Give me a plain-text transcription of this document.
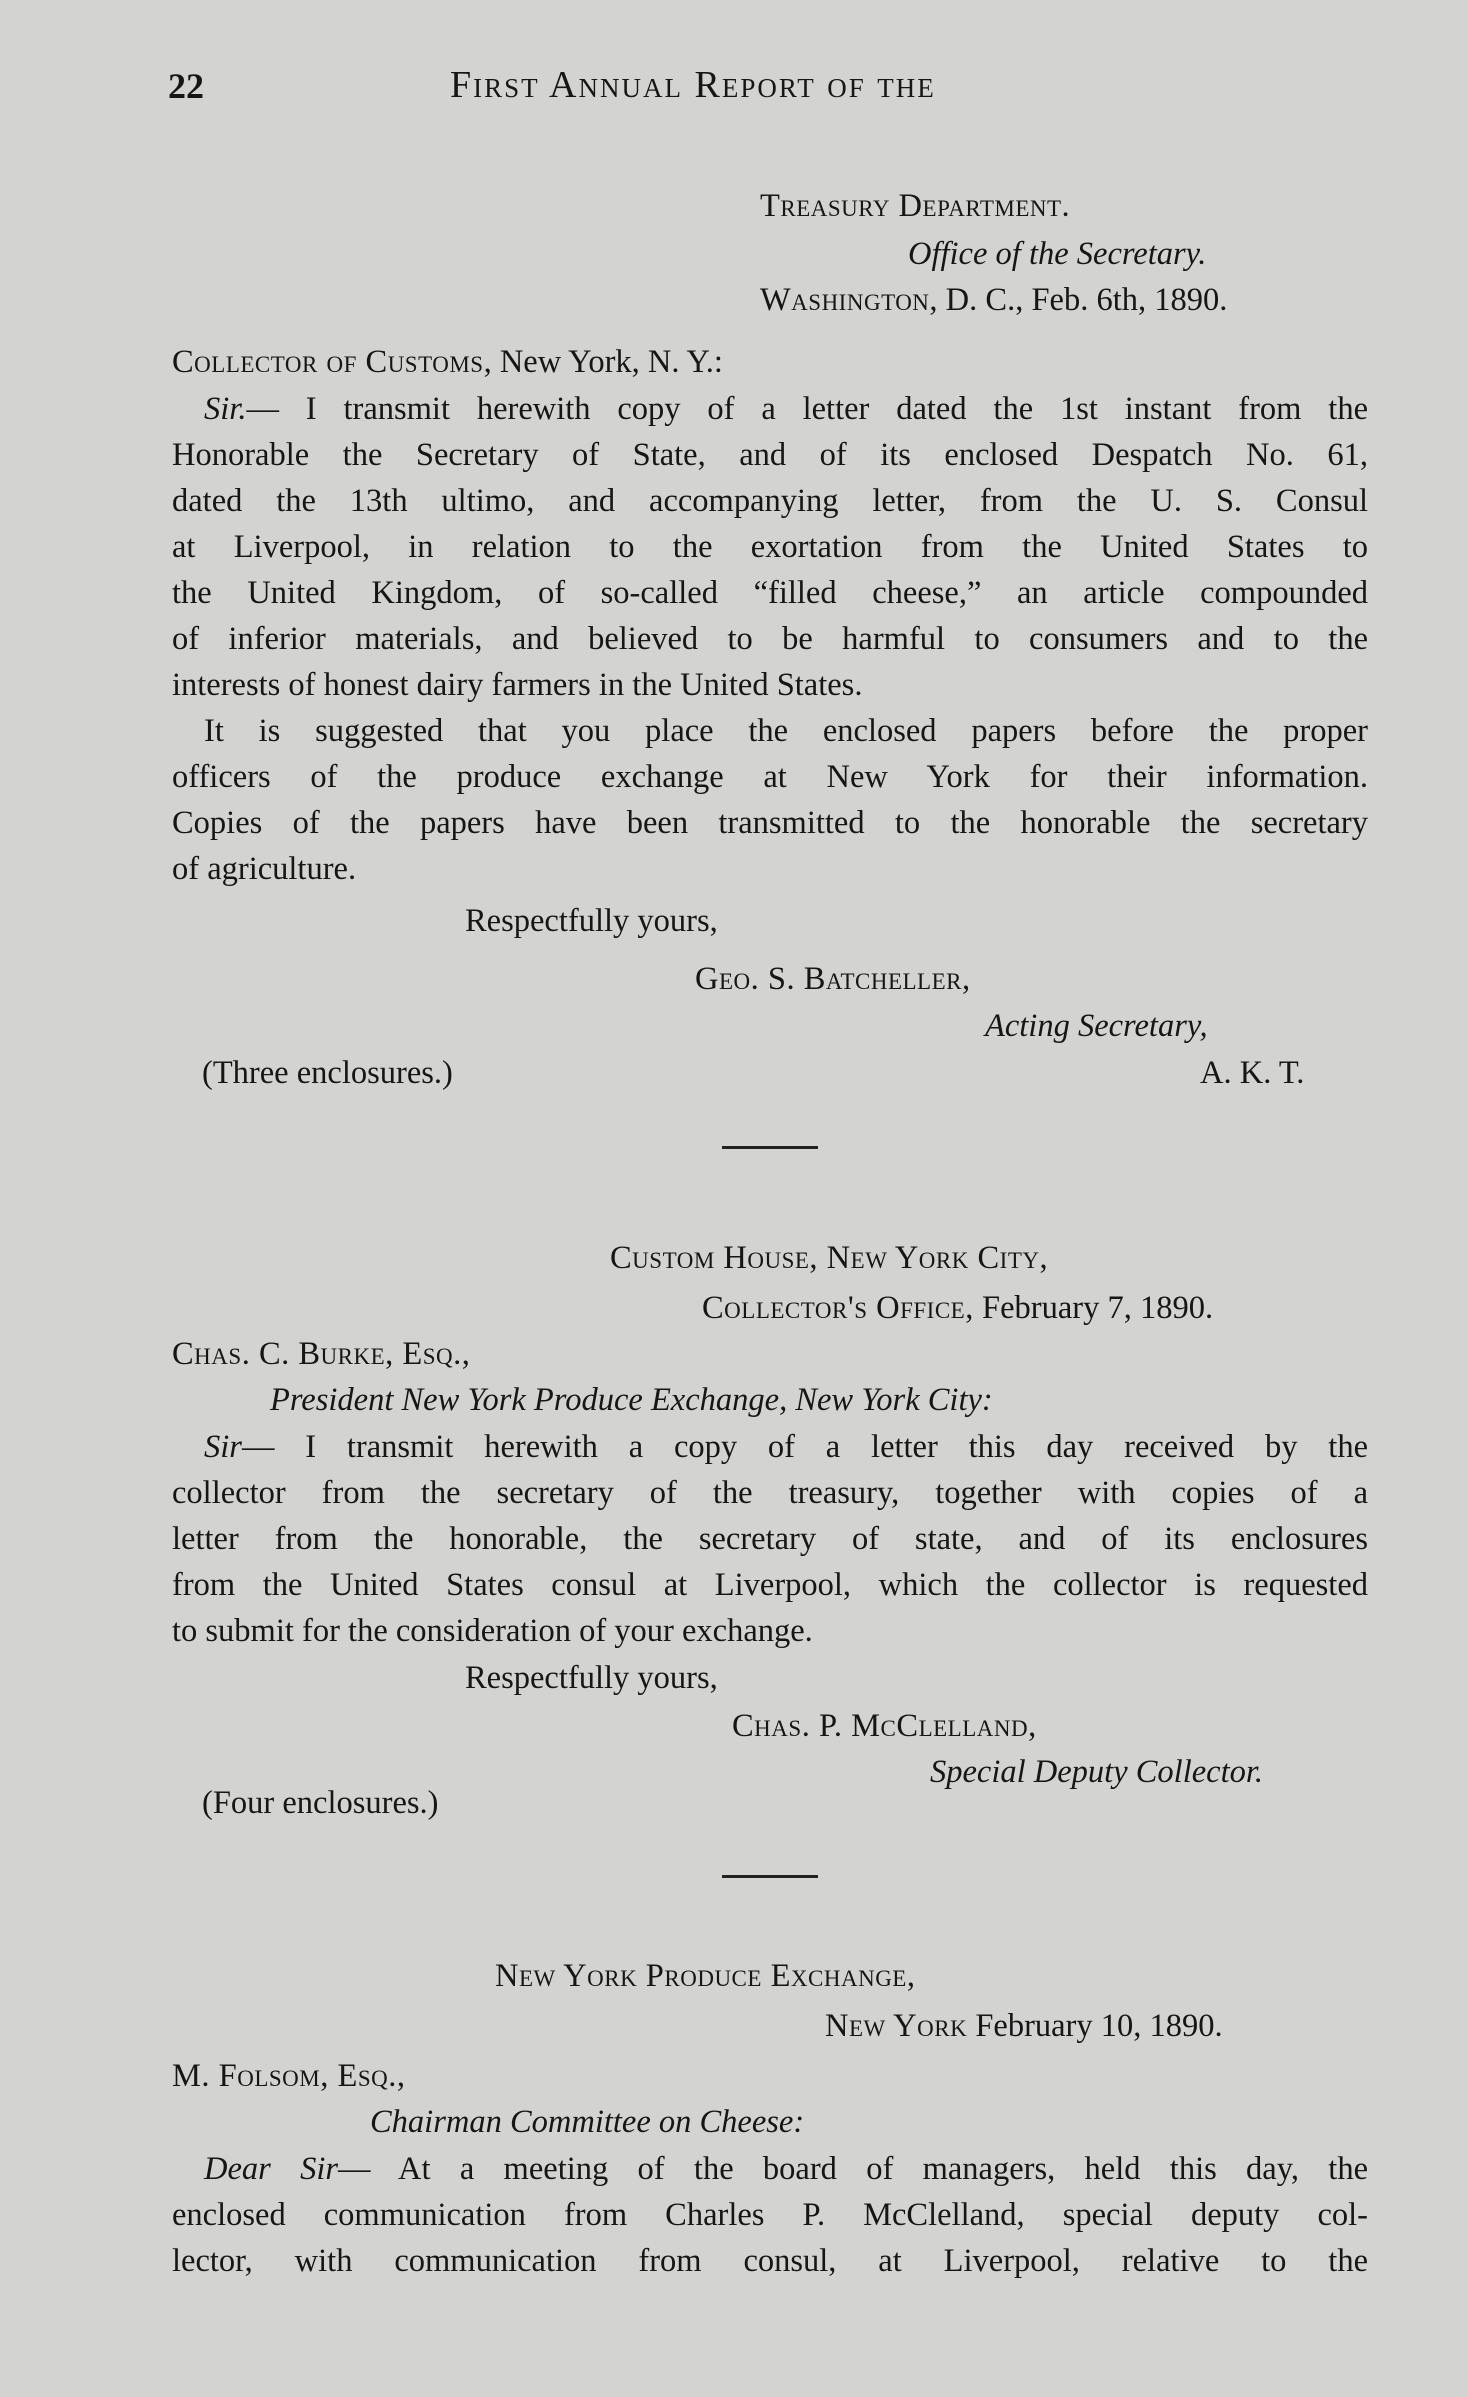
22	First Annual Report of the
Treasury Department.
Office of the Secretary.
Washington, D. C., Feb. 6th, 1890.
Collector of Customs, New York, N. Y.:
Sir.— I transmit herewith copy of a letter dated the 1st instant from the
Honorable the Secretary of State, and of its enclosed Despatch No. 61,
dated the 13th ultimo, and accompanying letter, from the U. S. Consul
at Liverpool, in relation to the exortation from the United States to
the United Kingdom, of so-called “filled cheese,” an article compounded
of inferior materials, and believed to be harmful to consumers and to the
interests of honest dairy farmers in the United States.
It is suggested that you place the enclosed papers before the proper
officers of the produce exchange at New York for their information.
Copies of the papers have been transmitted to the honorable the secretary
of agriculture.
Respectfully yours,
Geo. S. Batcheller,
Acting Secretary,
(Three enclosures.)	A. K. T.
Custom House, New York City,
Collector's Office, February 7, 1890.
Chas. C. Burke, Esq.,
President New York Produce Exchange, New York City:
Sir— I transmit herewith a copy of a letter this day received by the
collector from the secretary of the treasury, together with copies of a
letter from the honorable, the secretary of state, and of its enclosures
from the United States consul at Liverpool, which the collector is requested
to submit for the consideration of your exchange.
Respectfully yours,
Chas. P. McClelland,
Special Deputy Collector.
(Four enclosures.)
New York Produce Exchange,
New York February 10, 1890.
M. Folsom, Esq.,
Chairman Committee on Cheese:
Dear Sir— At a meeting of the board of managers, held this day, the
enclosed communication from Charles P. McClelland, special deputy col-
lector, with communication from consul, at Liverpool, relative to the
